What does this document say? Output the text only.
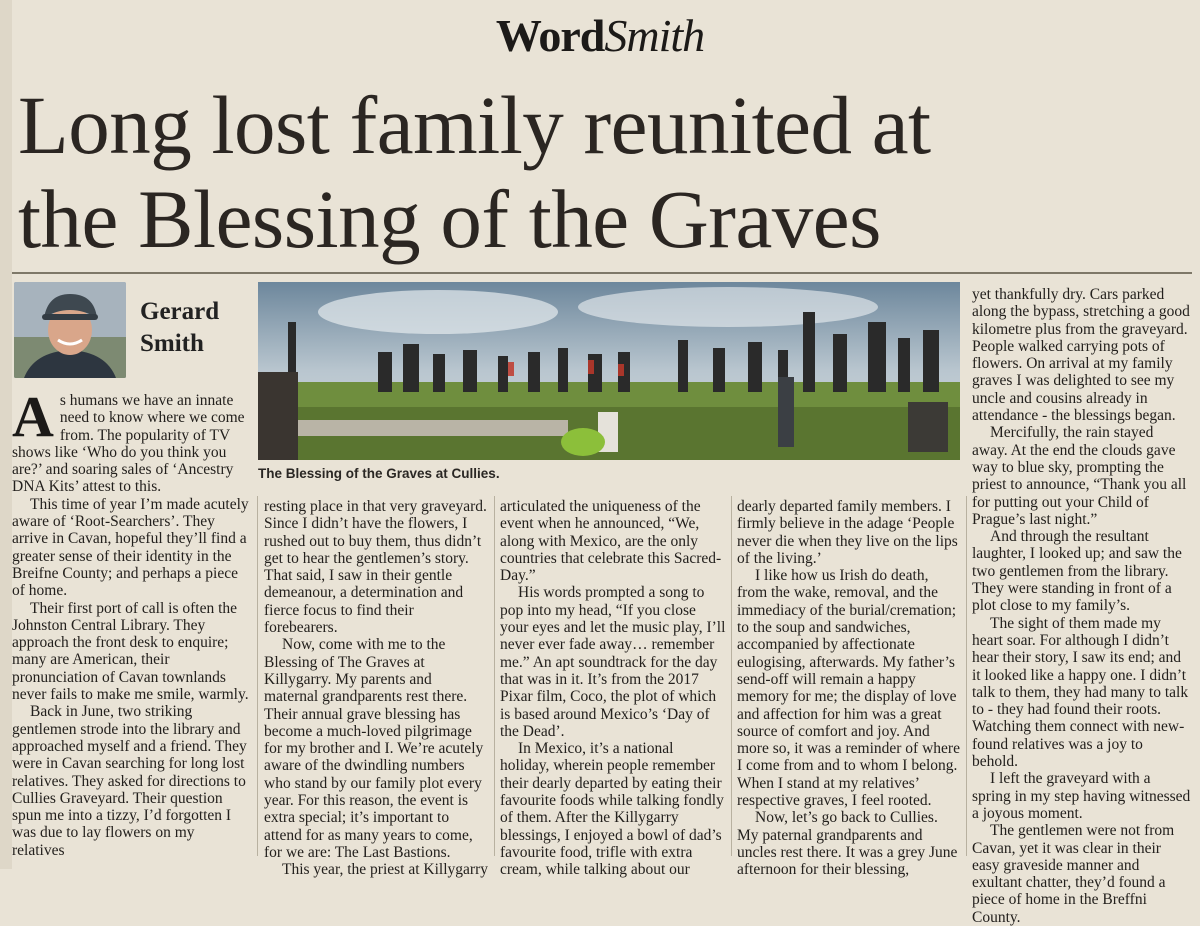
WordSmith
Long lost family reunited at
the Blessing of the Graves
Gerard
Smith
The Blessing of the Graves at Cullies.

As humans we have an innate need to know where we come from. The popularity of TV shows like ‘Who do you think you are?’ and soaring sales of ‘Ancestry DNA Kits’ attest to this.

This time of year I’m made acutely aware of ‘Root-Searchers’. They arrive in Cavan, hopeful they’ll find a greater sense of their identity in the Breifne County; and perhaps a piece of home.

Their first port of call is often the Johnston Central Library. They approach the front desk to enquire; many are American, their pronunciation of Cavan townlands never fails to make me smile, warmly.

Back in June, two striking gentlemen strode into the library and approached myself and a friend. They were in Cavan searching for long lost relatives. They asked for directions to Cullies Graveyard. Their question spun me into a tizzy, I’d forgotten I was due to lay flowers on my relatives

resting place in that very graveyard. Since I didn’t have the flowers, I rushed out to buy them, thus didn’t get to hear the gentlemen’s story. That said, I saw in their gentle demeanour, a determination and fierce focus to find their forebearers.

Now, come with me to the Blessing of The Graves at Killygarry. My parents and maternal grandparents rest there. Their annual grave blessing has become a much-loved pilgrimage for my brother and I. We’re acutely aware of the dwindling numbers who stand by our family plot every year. For this reason, the event is extra special; it’s important to attend for as many years to come, for we are: The Last Bastions.

This year, the priest at Killygarry

articulated the uniqueness of the event when he announced, “We, along with Mexico, are the only countries that celebrate this Sacred-Day.”

His words prompted a song to pop into my head, “If you close your eyes and let the music play, I’ll never ever fade away… remember me.” An apt soundtrack for the day that was in it. It’s from the 2017 Pixar film, Coco, the plot of which is based around Mexico’s ‘Day of the Dead’.

In Mexico, it’s a national holiday, wherein people remember their dearly departed by eating their favourite foods while talking fondly of them. After the Killygarry blessings, I enjoyed a bowl of dad’s favourite food, trifle with extra cream, while talking about our

dearly departed family members. I firmly believe in the adage ‘People never die when they live on the lips of the living.’

I like how us Irish do death, from the wake, removal, and the immediacy of the burial/cremation; to the soup and sandwiches, accompanied by affectionate eulogising, afterwards. My father’s send-off will remain a happy memory for me; the display of love and affection for him was a great source of comfort and joy. And more so, it was a reminder of where I come from and to whom I belong. When I stand at my relatives’ respective graves, I feel rooted.

Now, let’s go back to Cullies. My paternal grandparents and uncles rest there. It was a grey June afternoon for their blessing,

yet thankfully dry. Cars parked along the bypass, stretching a good kilometre plus from the graveyard. People walked carrying pots of flowers. On arrival at my family graves I was delighted to see my uncle and cousins already in attendance - the blessings began.

Mercifully, the rain stayed away. At the end the clouds gave way to blue sky, prompting the priest to announce, “Thank you all for putting out your Child of Prague’s last night.”

And through the resultant laughter, I looked up; and saw the two gentlemen from the library. They were standing in front of a plot close to my family’s.

The sight of them made my heart soar. For although I didn’t hear their story, I saw its end; and it looked like a happy one. I didn’t talk to them, they had many to talk to - they had found their roots. Watching them connect with new-found relatives was a joy to behold.

I left the graveyard with a spring in my step having witnessed a joyous moment.

The gentlemen were not from Cavan, yet it was clear in their easy graveside manner and exultant chatter, they’d found a piece of home in the Breffni County.
